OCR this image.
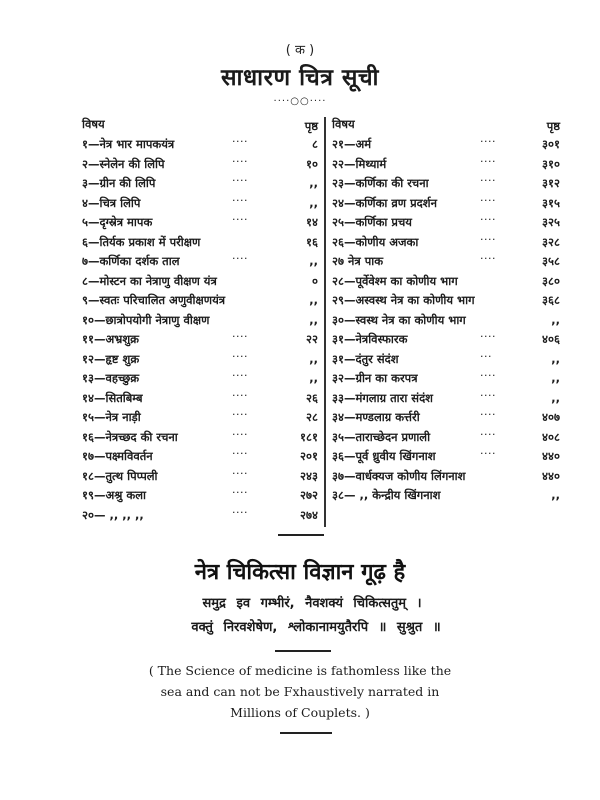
( क )
साधारण चित्र सूची
····○○····
विषय	पृष्ठ
१—नेत्र भार मापकयंत्र	····	८
२—स्नेलेन की लिपि	····	१०
३—ग्रीन की लिपि	····	,,
४—चित्र लिपि	····	,,
५—दृग्स्रेत्र मापक	····	१४
६—तिर्यक प्रकाश में परीक्षण	१६
७—कर्णिका दर्शक ताल	····	,,
८—मोस्टन का नेत्राणु वीक्षण यंत्र	०
९—स्वतः परिचालित अणुवीक्षणयंत्र	,,
१०—छात्रोपयोगी नेत्राणु वीक्षण	,,
११—अभ्रशुक्र	····	२२
१२—हृष्ट शुक्र	····	,,
१३—वहच्छुक्र	····	,,
१४—सितबिम्ब	····	२६
१५—नेत्र नाड़ी	····	२८
१६—नेत्रच्छद की रचना	····	१८१
१७—पक्ष्मविवर्तन	····	२०१
१८—तुत्थ पिप्पली	····	२४३
१९—अश्रु कला	····	२७२
२०— ,, ,, ,,	····	२७४
विषय	पृष्ठ
२१—अर्म	····	३०१
२२—मिथ्यार्म	····	३१०
२३—कर्णिका की रचना	····	३१२
२४—कर्णिका व्रण प्रदर्शन	····	३१५
२५—कर्णिका प्रचय	····	३२५
२६—कोणीय अजका	····	३२८
२७ नेत्र पाक	····	३५८
२८—पूर्वेवेश्म का कोणीय भाग	३८०
२९—अस्वस्थ नेत्र का कोणीय भाग	३६८
३०—स्वस्थ नेत्र का कोणीय भाग	,,
३१—नेत्रविस्फारक	····	४०६
३१—दंतुर संदंश	···	,,
३२—ग्रीन का करपत्र	····	,,
३३—मंगलाग्र तारा संदंश	····	,,
३४—मण्डलाग्र कर्त्तरी	····	४०७
३५—ताराच्छेदन प्रणाली	····	४०८
३६—पूर्व ध्रुवीय खिंगनाश	····	४४०
३७—वार्धक्यज कोणीय लिंगनाश	४४०
३८— ,, केन्द्रीय खिंगनाश	,,
नेत्र चिकित्सा विज्ञान गूढ़ है
समुद्र इव गम्भीरं, नैवशक्यं चिकित्सतुम् ।
वक्तुं निरवशेषेण, श्लोकानामयुतैरपि ॥ सुश्रुत ॥
( The Science of medicine is fathomless like the
sea and can not be Fxhaustively narrated in
Millions of Couplets. )
